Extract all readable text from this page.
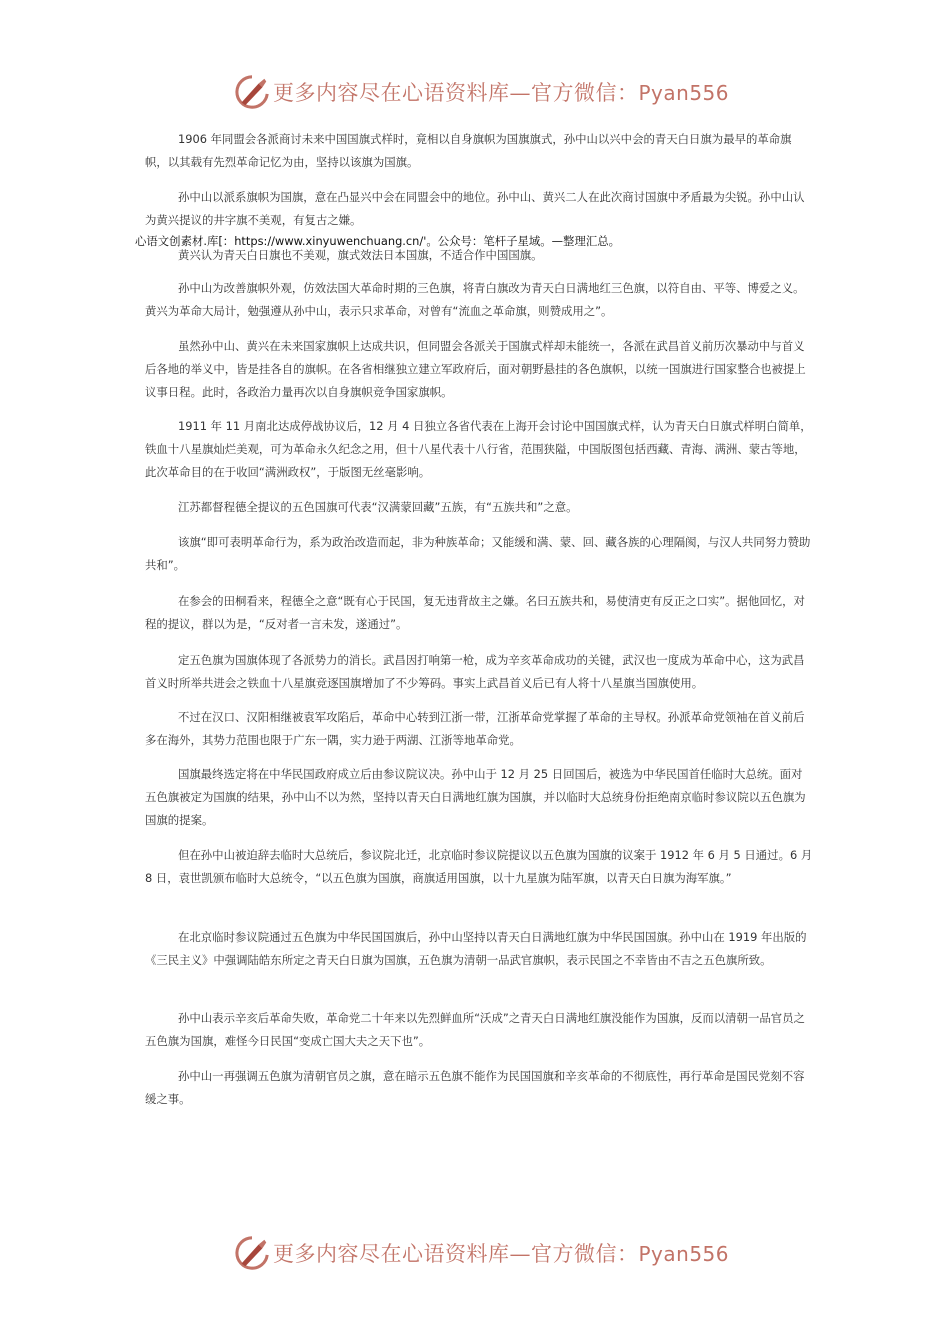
更多内容尽在心语资料库—官方微信：Pyan556

1906 年同盟会各派商讨未来中国国旗式样时，竟相以自身旗帜为国旗旗式，孙中山以兴中会的青天白日旗为最早的革命旗帜，以其载有先烈革命记忆为由，坚持以该旗为国旗。

孙中山以派系旗帜为国旗，意在凸显兴中会在同盟会中的地位。孙中山、黄兴二人在此次商讨国旗中矛盾最为尖锐。孙中山认为黄兴提议的井字旗不美观，有复古之嫌。

心语文创素材.库[：https://www.xinyuwenchuang.cn/'。公众号：笔杆子星域。—整理汇总。

黄兴认为青天白日旗也不美观，旗式效法日本国旗，不适合作中国国旗。

孙中山为改善旗帜外观，仿效法国大革命时期的三色旗，将青白旗改为青天白日满地红三色旗，以符自由、平等、博爱之义。黄兴为革命大局计，勉强遵从孙中山，表示只求革命，对曾有“流血之革命旗，则赞成用之”。

虽然孙中山、黄兴在未来国家旗帜上达成共识，但同盟会各派关于国旗式样却未能统一，各派在武昌首义前历次暴动中与首义后各地的举义中，皆是挂各自的旗帜。在各省相继独立建立军政府后，面对朝野悬挂的各色旗帜，以统一国旗进行国家整合也被提上议事日程。此时，各政治力量再次以自身旗帜竞争国家旗帜。

1911 年 11 月南北达成停战协议后，12 月 4 日独立各省代表在上海开会讨论中国国旗式样，认为青天白日旗式样明白简单，铁血十八星旗灿烂美观，可为革命永久纪念之用，但十八星代表十八行省，范围狭隘，中国版图包括西藏、青海、满洲、蒙古等地，此次革命目的在于收回“满洲政权”，于版图无丝毫影响。

江苏都督程德全提议的五色国旗可代表“汉满蒙回藏”五族，有“五族共和”之意。

该旗“即可表明革命行为，系为政治改造而起，非为种族革命；又能缓和满、蒙、回、藏各族的心理隔阂，与汉人共同努力赞助共和”。

在参会的田桐看来，程德全之意“既有心于民国，复无违背故主之嫌。名曰五族共和，易使清吏有反正之口实”。据他回忆，对程的提议，群以为是，“反对者一言未发，遂通过”。

定五色旗为国旗体现了各派势力的消长。武昌因打响第一枪，成为辛亥革命成功的关键，武汉也一度成为革命中心，这为武昌首义时所举共进会之铁血十八星旗竞逐国旗增加了不少筹码。事实上武昌首义后已有人将十八星旗当国旗使用。

不过在汉口、汉阳相继被袁军攻陷后，革命中心转到江浙一带，江浙革命党掌握了革命的主导权。孙派革命党领袖在首义前后多在海外，其势力范围也限于广东一隅，实力逊于两湖、江浙等地革命党。

国旗最终选定将在中华民国政府成立后由参议院议决。孙中山于 12 月 25 日回国后，被选为中华民国首任临时大总统。面对五色旗被定为国旗的结果，孙中山不以为然，坚持以青天白日满地红旗为国旗，并以临时大总统身份拒绝南京临时参议院以五色旗为国旗的提案。

但在孙中山被迫辞去临时大总统后，参议院北迁，北京临时参议院提议以五色旗为国旗的议案于 1912 年 6 月 5 日通过。6 月 8 日，袁世凯颁布临时大总统令，“以五色旗为国旗，商旗适用国旗，以十九星旗为陆军旗，以青天白日旗为海军旗。”

在北京临时参议院通过五色旗为中华民国国旗后，孙中山坚持以青天白日满地红旗为中华民国国旗。孙中山在 1919 年出版的《三民主义》中强调陆皓东所定之青天白日旗为国旗，五色旗为清朝一品武官旗帜，表示民国之不幸皆由不吉之五色旗所致。

孙中山表示辛亥后革命失败，革命党二十年来以先烈鲜血所“沃成”之青天白日满地红旗没能作为国旗，反而以清朝一品官员之五色旗为国旗，难怪今日民国“变成亡国大夫之天下也”。

孙中山一再强调五色旗为清朝官员之旗，意在暗示五色旗不能作为民国国旗和辛亥革命的不彻底性，再行革命是国民党刻不容缓之事。

更多内容尽在心语资料库—官方微信：Pyan556
